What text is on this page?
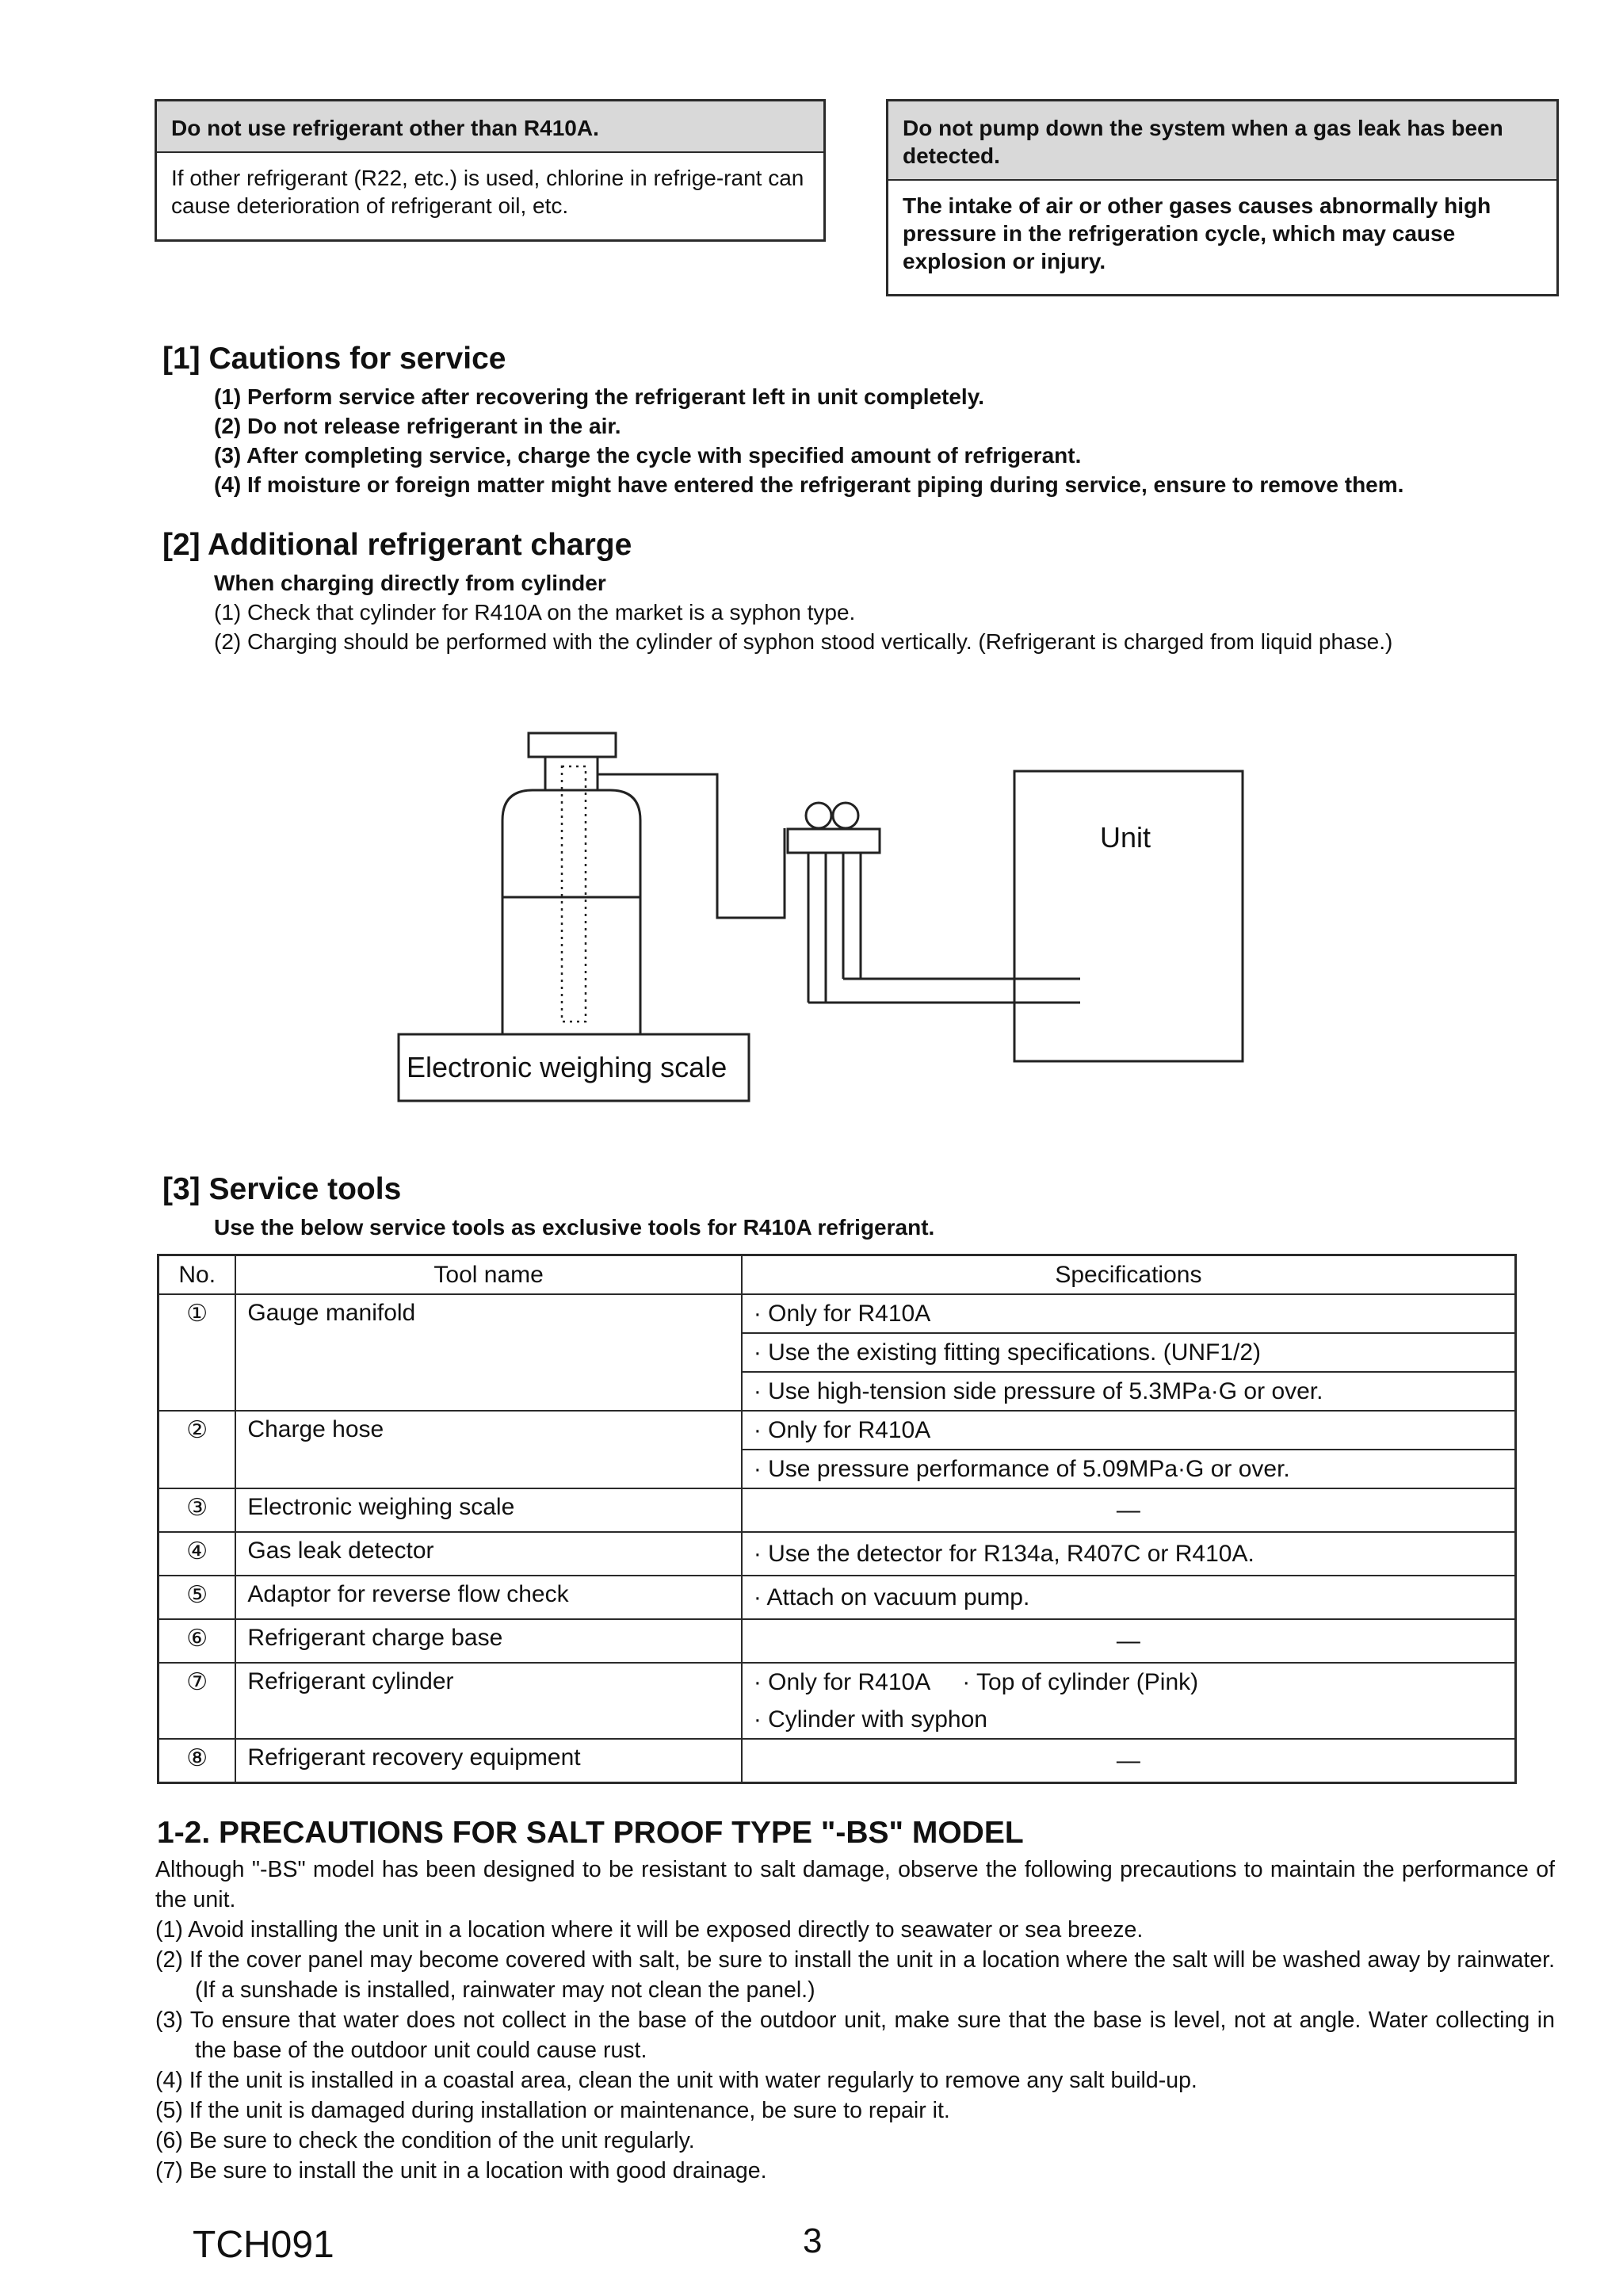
Do not use refrigerant other than R410A.
If other refrigerant (R22, etc.) is used, chlorine in refrige-rant can cause deterioration of refrigerant oil, etc.
Do not pump down the system when a gas leak has been detected.
The intake of air or other gases causes abnormally high pressure in the refrigeration cycle, which may cause explosion or injury.
[1] Cautions for service
(1) Perform service after recovering the refrigerant left in unit completely.
(2) Do not release refrigerant in the air.
(3) After completing service, charge the cycle with specified amount of refrigerant.
(4) If moisture or foreign matter might have entered the refrigerant piping during service, ensure to remove them.
[2] Additional refrigerant charge
When charging directly from cylinder
(1) Check that cylinder for R410A on the market is a syphon type.
(2) Charging should be performed with the cylinder of syphon stood vertically. (Refrigerant is charged from liquid phase.)
Unit
Electronic weighing scale
[3] Service tools
Use the below service tools as exclusive tools for R410A refrigerant.
No.	Tool name	Specifications
①	Gauge manifold	· Only for R410A
		· Use the existing fitting specifications. (UNF1/2)
		· Use high-tension side pressure of 5.3MPa·G or over.
②	Charge hose	· Only for R410A
		· Use pressure performance of 5.09MPa·G or over.
③	Electronic weighing scale	—
④	Gas leak detector	· Use the detector for R134a, R407C or R410A.
⑤	Adaptor for reverse flow check	· Attach on vacuum pump.
⑥	Refrigerant charge base	—
⑦	Refrigerant cylinder	· Only for R410A     · Top of cylinder (Pink)
		· Cylinder with syphon
⑧	Refrigerant recovery equipment	—
1-2. PRECAUTIONS FOR SALT PROOF TYPE "-BS" MODEL

Although "-BS" model has been designed to be resistant to salt damage, observe the following precautions to maintain the performance of the unit.

(1) Avoid installing the unit in a location where it will be exposed directly to seawater or sea breeze.

(2) If the cover panel may become covered with salt, be sure to install the unit in a location where the salt will be washed away by rainwater. (If a sunshade is installed, rainwater may not clean the panel.)

(3) To ensure that water does not collect in the base of the outdoor unit, make sure that the base is level, not at angle. Water collecting in the base of the outdoor unit could cause rust.

(4) If the unit is installed in a coastal area, clean the unit with water regularly to remove any salt build-up.

(5) If the unit is damaged during installation or maintenance, be sure to repair it.

(6) Be sure to check the condition of the unit regularly.

(7) Be sure to install the unit in a location with good drainage.

TCH091	3
